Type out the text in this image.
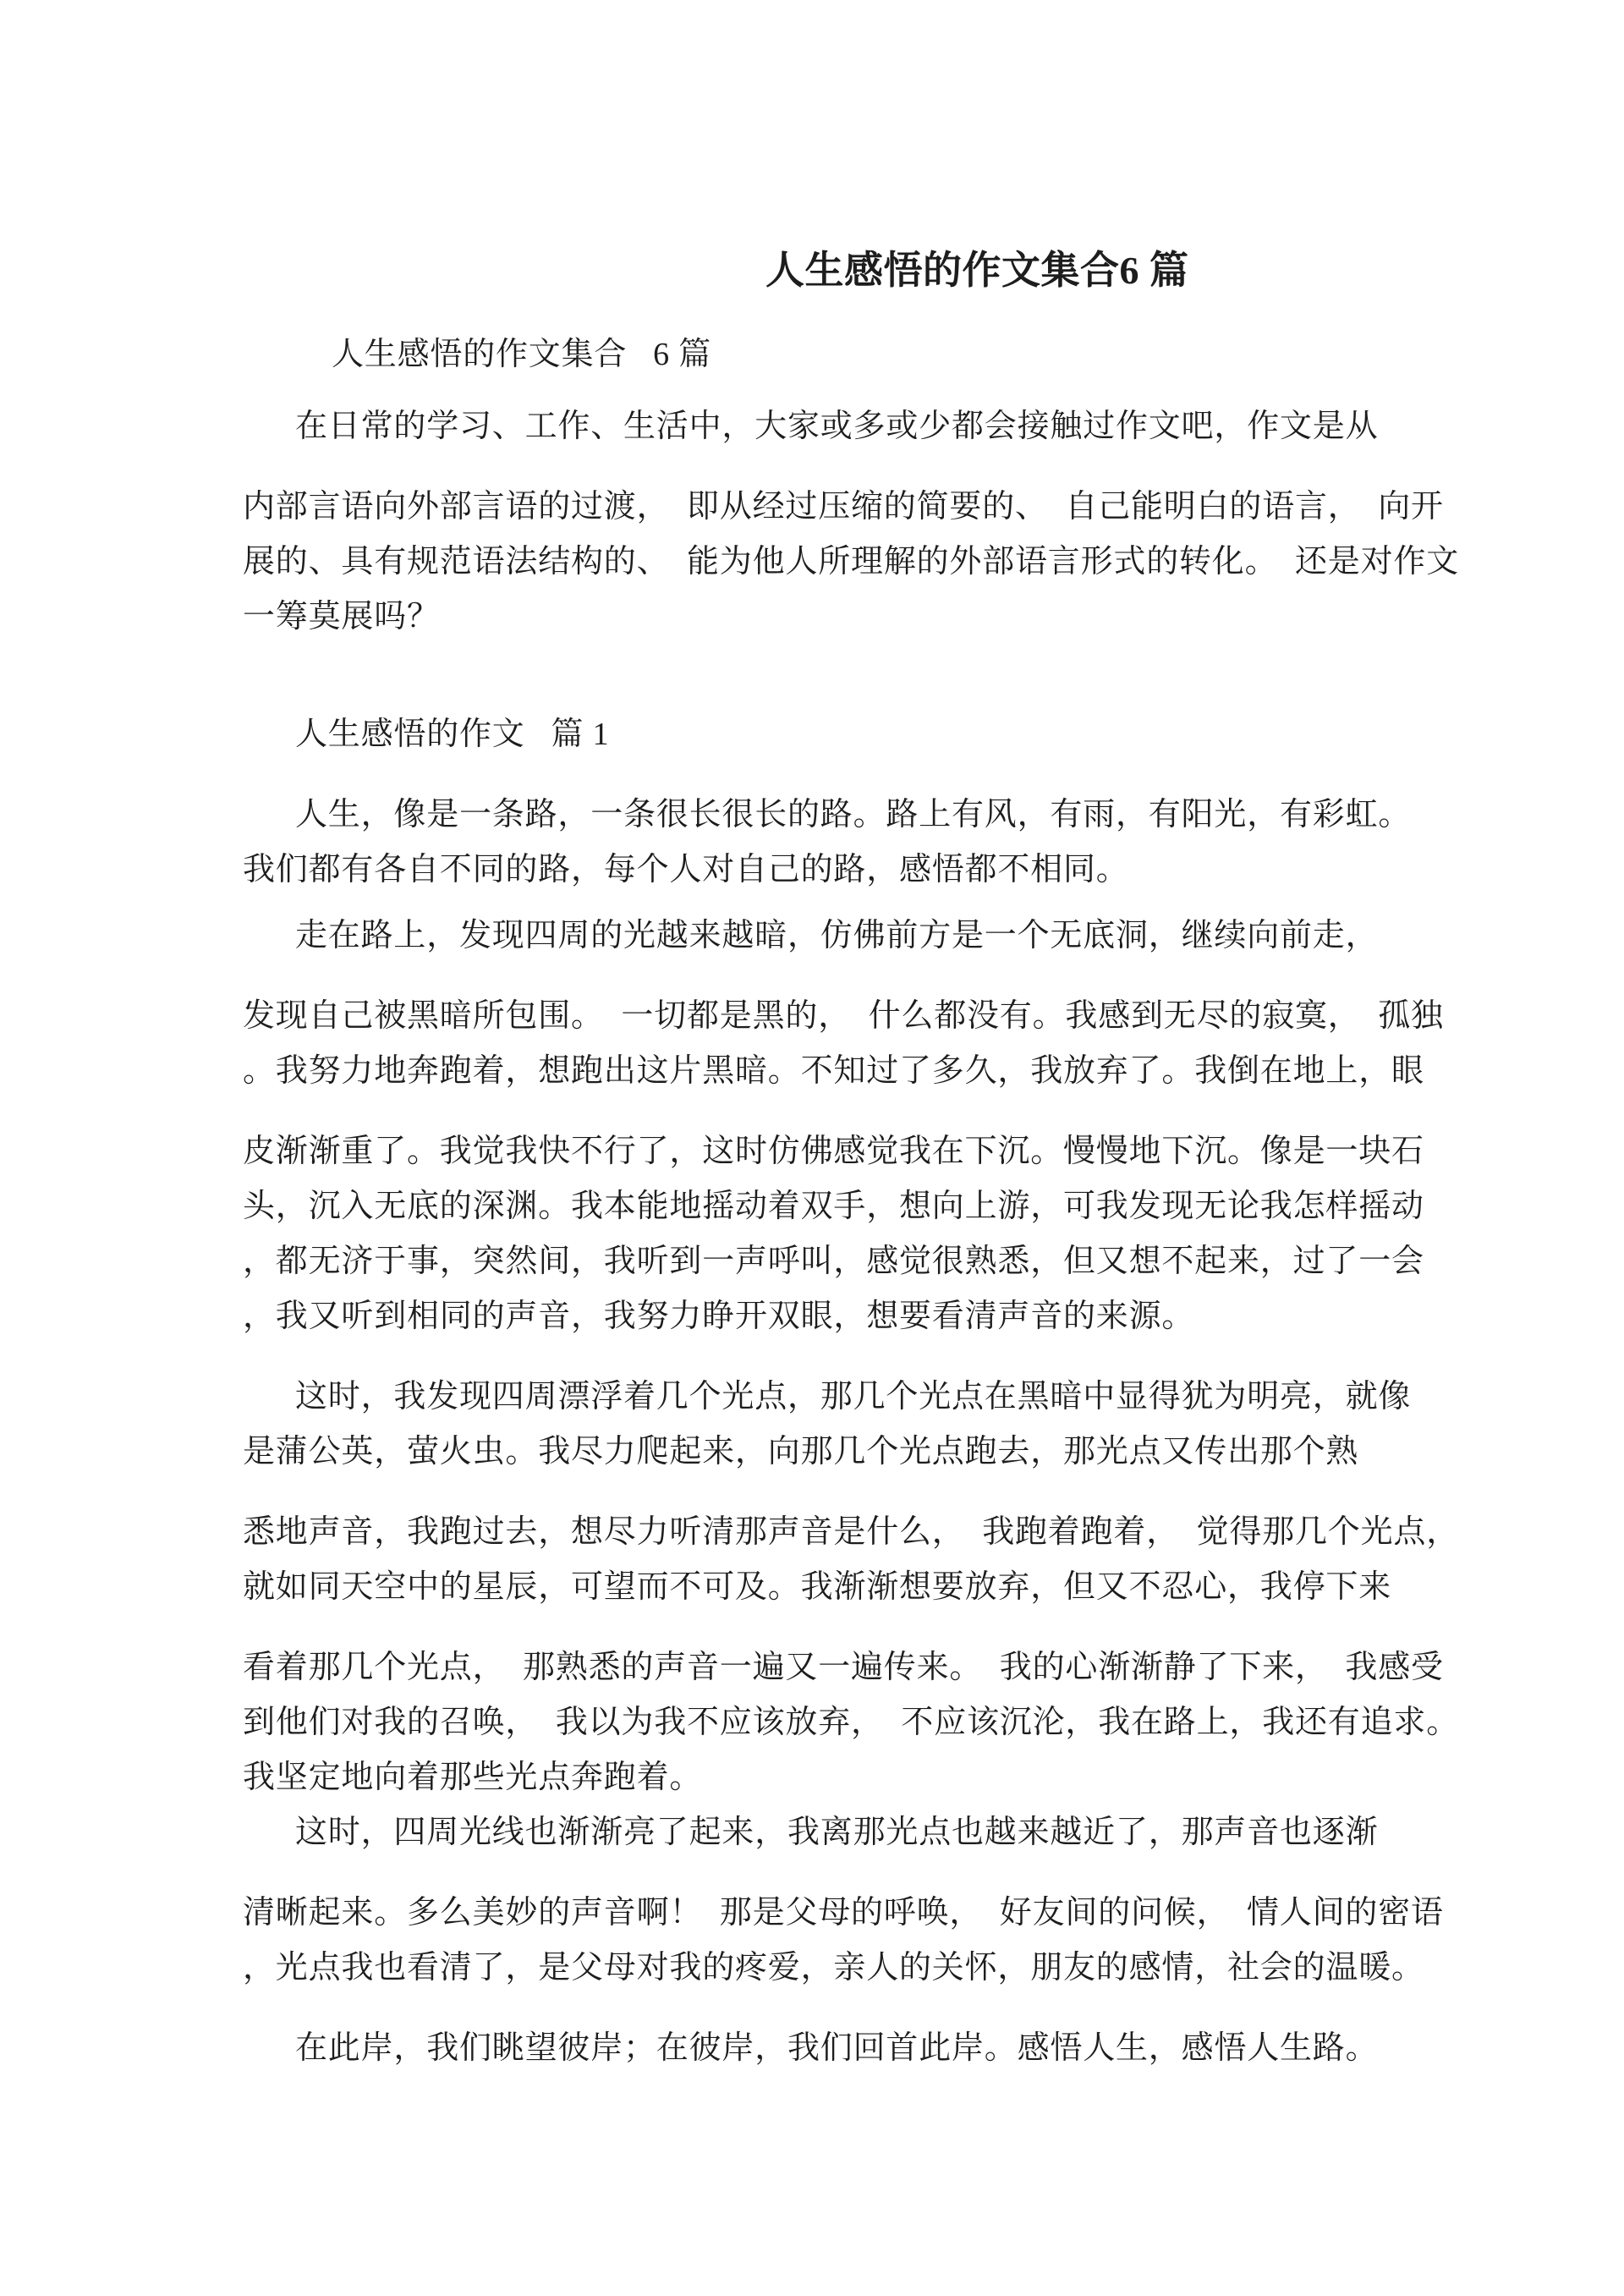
人生感悟的作文集合6 篇

人生感悟的作文集合   6 篇

在日常的学习、工作、生活中，大家或多或少都会接触过作文吧，作文是从

内部言语向外部言语的过渡，  即从经过压缩的简要的、  自己能明白的语言，  向开

展的、具有规范语法结构的、  能为他人所理解的外部语言形式的转化。  还是对作文

一筹莫展吗？

人生感悟的作文   篇 1

人生，像是一条路，一条很长很长的路。路上有风，有雨，有阳光，有彩虹。

我们都有各自不同的路，每个人对自己的路，感悟都不相同。

走在路上，发现四周的光越来越暗，仿佛前方是一个无底洞，继续向前走，

发现自己被黑暗所包围。  一切都是黑的，  什么都没有。我感到无尽的寂寞，  孤独

。我努力地奔跑着，想跑出这片黑暗。不知过了多久，我放弃了。我倒在地上，眼

皮渐渐重了。我觉我快不行了，这时仿佛感觉我在下沉。慢慢地下沉。像是一块石

头，沉入无底的深渊。我本能地摇动着双手，想向上游，可我发现无论我怎样摇动

，都无济于事，突然间，我听到一声呼叫，感觉很熟悉，但又想不起来，过了一会

，我又听到相同的声音，我努力睁开双眼，想要看清声音的来源。

这时，我发现四周漂浮着几个光点，那几个光点在黑暗中显得犹为明亮，就像

是蒲公英，萤火虫。我尽力爬起来，向那几个光点跑去，那光点又传出那个熟

悉地声音，我跑过去，想尽力听清那声音是什么，  我跑着跑着，  觉得那几个光点，

就如同天空中的星辰，可望而不可及。我渐渐想要放弃，但又不忍心，我停下来

看着那几个光点，  那熟悉的声音一遍又一遍传来。  我的心渐渐静了下来，  我感受

到他们对我的召唤，  我以为我不应该放弃，  不应该沉沦，我在路上，我还有追求。

我坚定地向着那些光点奔跑着。

这时，四周光线也渐渐亮了起来，我离那光点也越来越近了，那声音也逐渐

清晰起来。多么美妙的声音啊！  那是父母的呼唤，  好友间的问候，  情人间的密语

，光点我也看清了，是父母对我的疼爱，亲人的关怀，朋友的感情，社会的温暖。

在此岸，我们眺望彼岸；在彼岸，我们回首此岸。感悟人生，感悟人生路。
